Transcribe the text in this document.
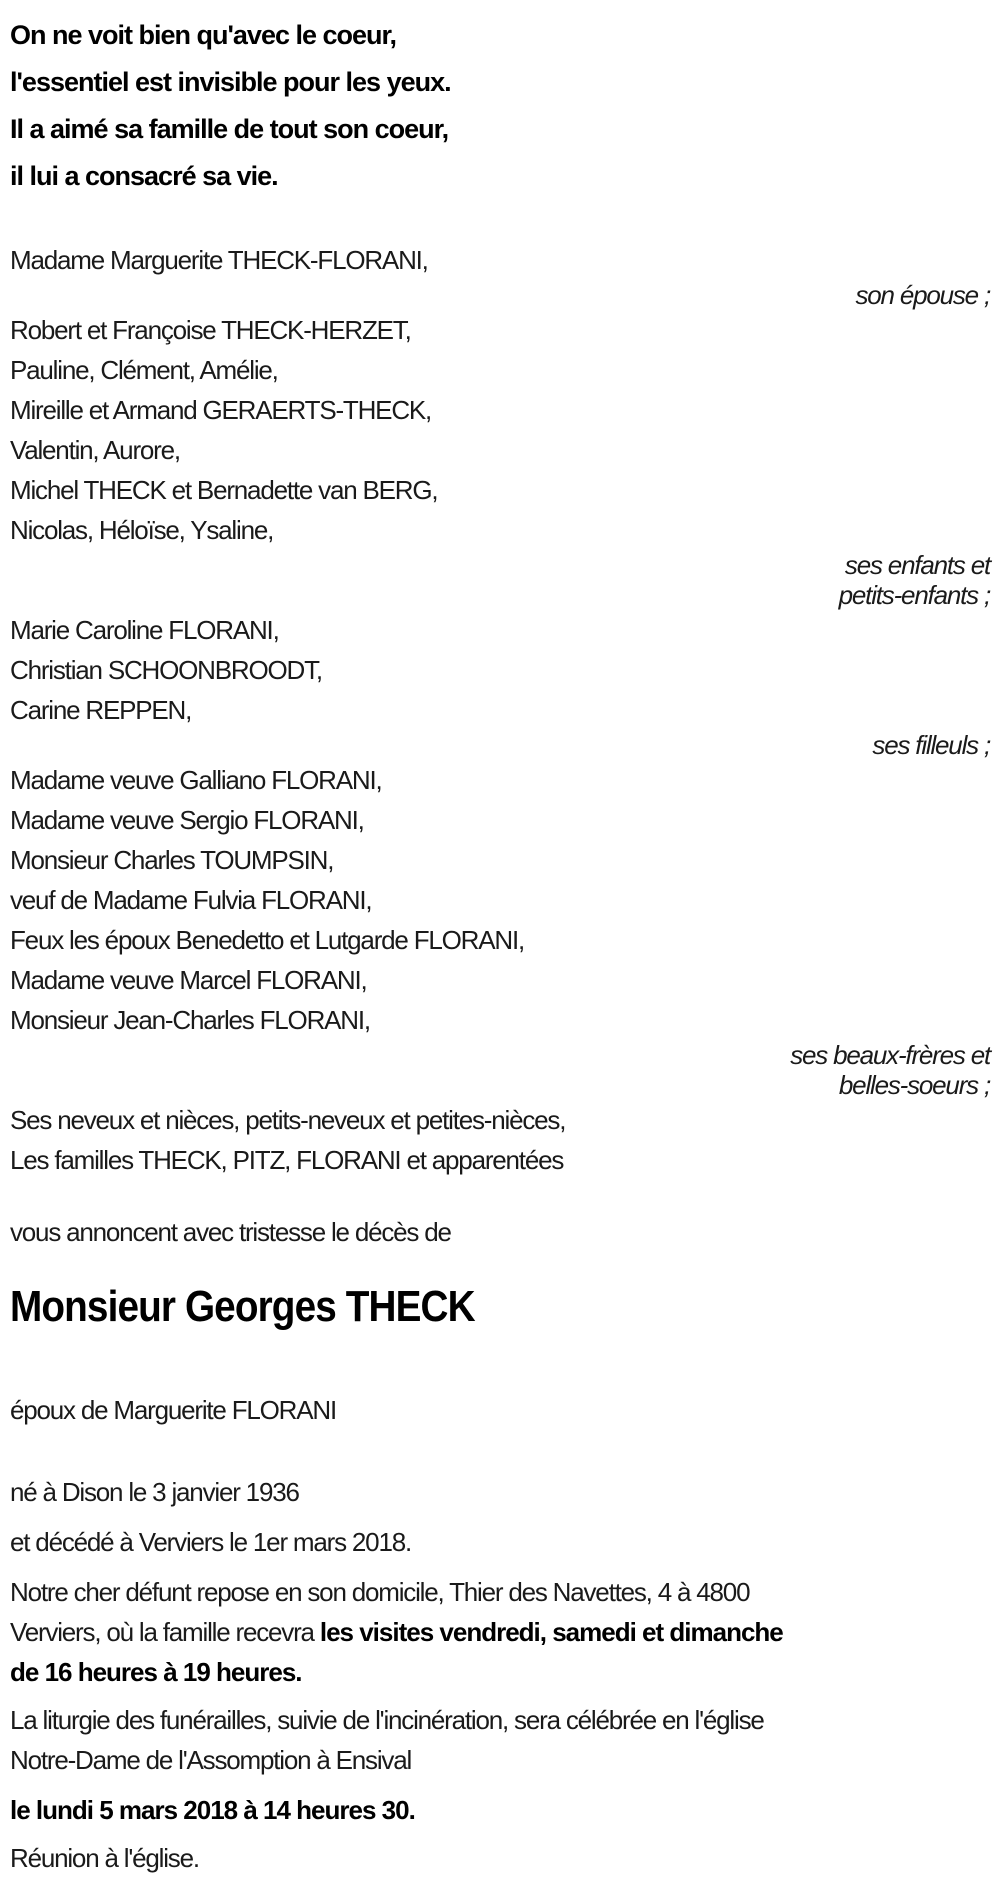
On ne voit bien qu'avec le coeur,
l'essentiel est invisible pour les yeux.
Il a aimé sa famille de tout son coeur,
il lui a consacré sa vie.
Madame Marguerite THECK-FLORANI,
son épouse ;
Robert et Françoise THECK-HERZET,
Pauline, Clément, Amélie,
Mireille et Armand GERAERTS-THECK,
Valentin, Aurore,
Michel THECK et Bernadette van BERG,
Nicolas, Héloïse, Ysaline,
ses enfants et
petits-enfants ;
Marie Caroline FLORANI,
Christian SCHOONBROODT,
Carine REPPEN,
ses filleuls ;
Madame veuve Galliano FLORANI,
Madame veuve Sergio FLORANI,
Monsieur Charles TOUMPSIN,
veuf de Madame Fulvia FLORANI,
Feux les époux Benedetto et Lutgarde FLORANI,
Madame veuve Marcel FLORANI,
Monsieur Jean-Charles FLORANI,
ses beaux-frères et
belles-soeurs ;
Ses neveux et nièces, petits-neveux et petites-nièces,
Les familles THECK, PITZ, FLORANI et apparentées
vous annoncent avec tristesse le décès de
Monsieur Georges THECK
époux de Marguerite FLORANI
né à Dison le 3 janvier 1936
et décédé à Verviers le 1er mars 2018.
Notre cher défunt repose en son domicile, Thier des Navettes, 4 à 4800
Verviers, où la famille recevra les visites vendredi, samedi et dimanche
de 16 heures à 19 heures.
La liturgie des funérailles, suivie de l'incinération, sera célébrée en l'église
Notre-Dame de l'Assomption à Ensival
le lundi 5 mars 2018 à 14 heures 30.
Réunion à l'église.
